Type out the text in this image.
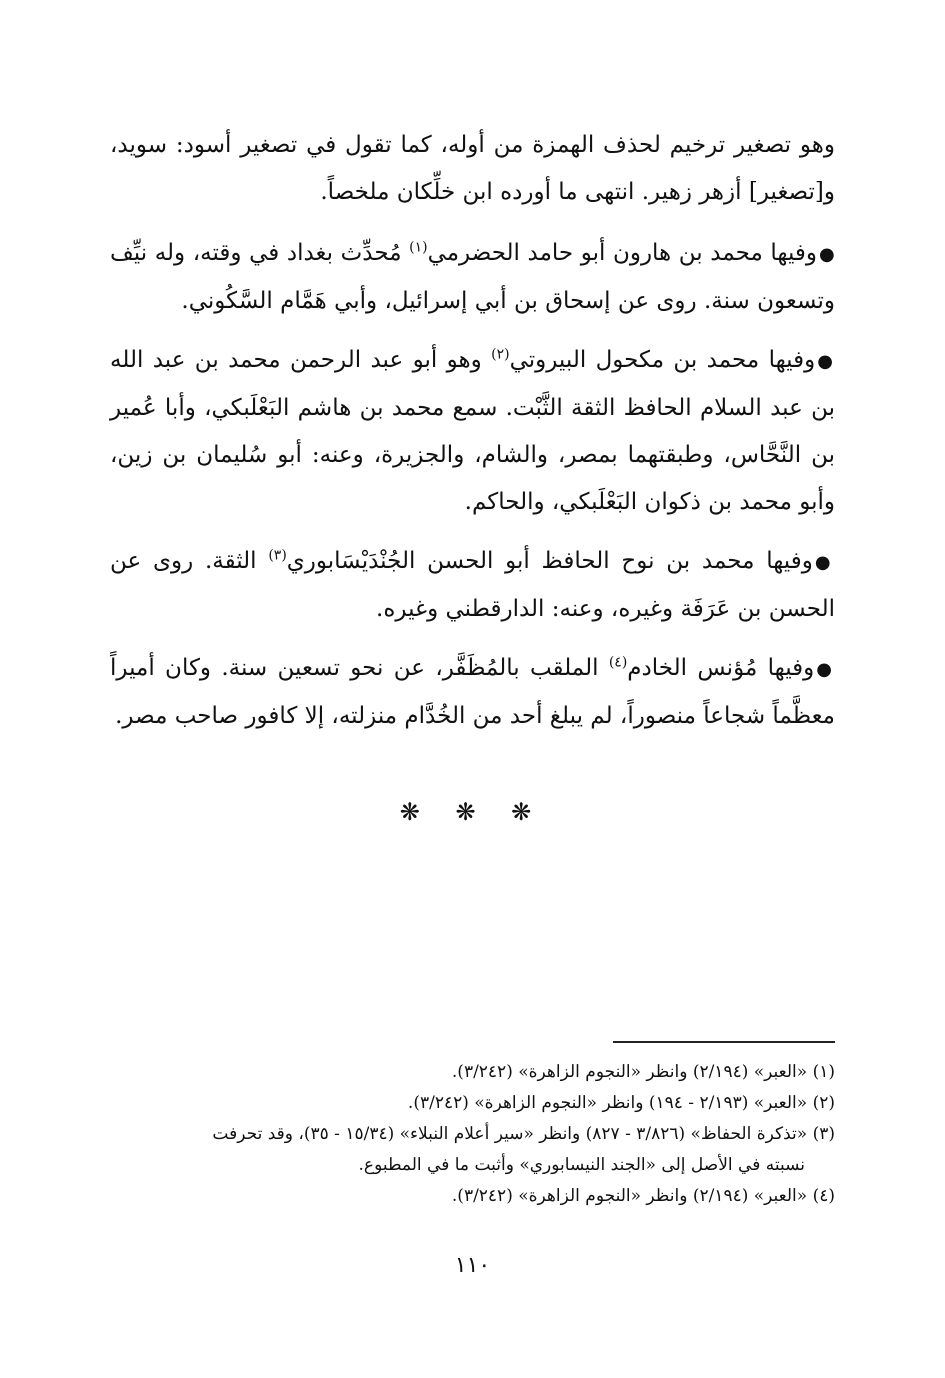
وهو تصغير ترخيم لحذف الهمزة من أوله، كما تقول في تصغير أسود: سويد، و[تصغير] أزهر زهير. انتهى ما أورده ابن خلِّكان ملخصاً.

●وفيها محمد بن هارون أبو حامد الحضرمي$^{(١)}$ مُحدِّث بغداد في وقته، وله نيِّف وتسعون سنة. روى عن إسحاق بن أبي إسرائيل، وأبي هَمَّام السَّكُوني.

●وفيها محمد بن مكحول البيروتي$^{(٢)}$ وهو أبو عبد الرحمن محمد بن عبد الله بن عبد السلام الحافظ الثقة الثَّبْت. سمع محمد بن هاشم البَعْلَبكي، وأبا عُمير بن النَّحَّاس، وطبقتهما بمصر، والشام، والجزيرة، وعنه: أبو سُليمان بن زين، وأبو محمد بن ذكوان البَعْلَبكي، والحاكم.

●وفيها محمد بن نوح الحافظ أبو الحسن الجُنْدَيْسَابوري$^{(٣)}$ الثقة. روى عن الحسن بن عَرَفَة وغيره، وعنه: الدارقطني وغيره.

●وفيها مُؤنس الخادم$^{(٤)}$ الملقب بالمُظَفَّر، عن نحو تسعين سنة. وكان أميراً معظَّماً شجاعاً منصوراً، لم يبلغ أحد من الخُدَّام منزلته، إلا كافور صاحب مصر.

❋ ❋ ❋

(١) «العبر» (٢/١٩٤) وانظر «النجوم الزاهرة» (٣/٢٤٢).

(٢) «العبر» (٢/١٩٣ - ١٩٤) وانظر «النجوم الزاهرة» (٣/٢٤٢).

(٣) «تذكرة الحفاظ» (٣/٨٢٦ - ٨٢٧) وانظر «سير أعلام النبلاء» (١٥/٣٤ - ٣٥)، وقد تحرفت

نسبته في الأصل إلى «الجند النيسابوري» وأثبت ما في المطبوع.

(٤) «العبر» (٢/١٩٤) وانظر «النجوم الزاهرة» (٣/٢٤٢).

١١٠
